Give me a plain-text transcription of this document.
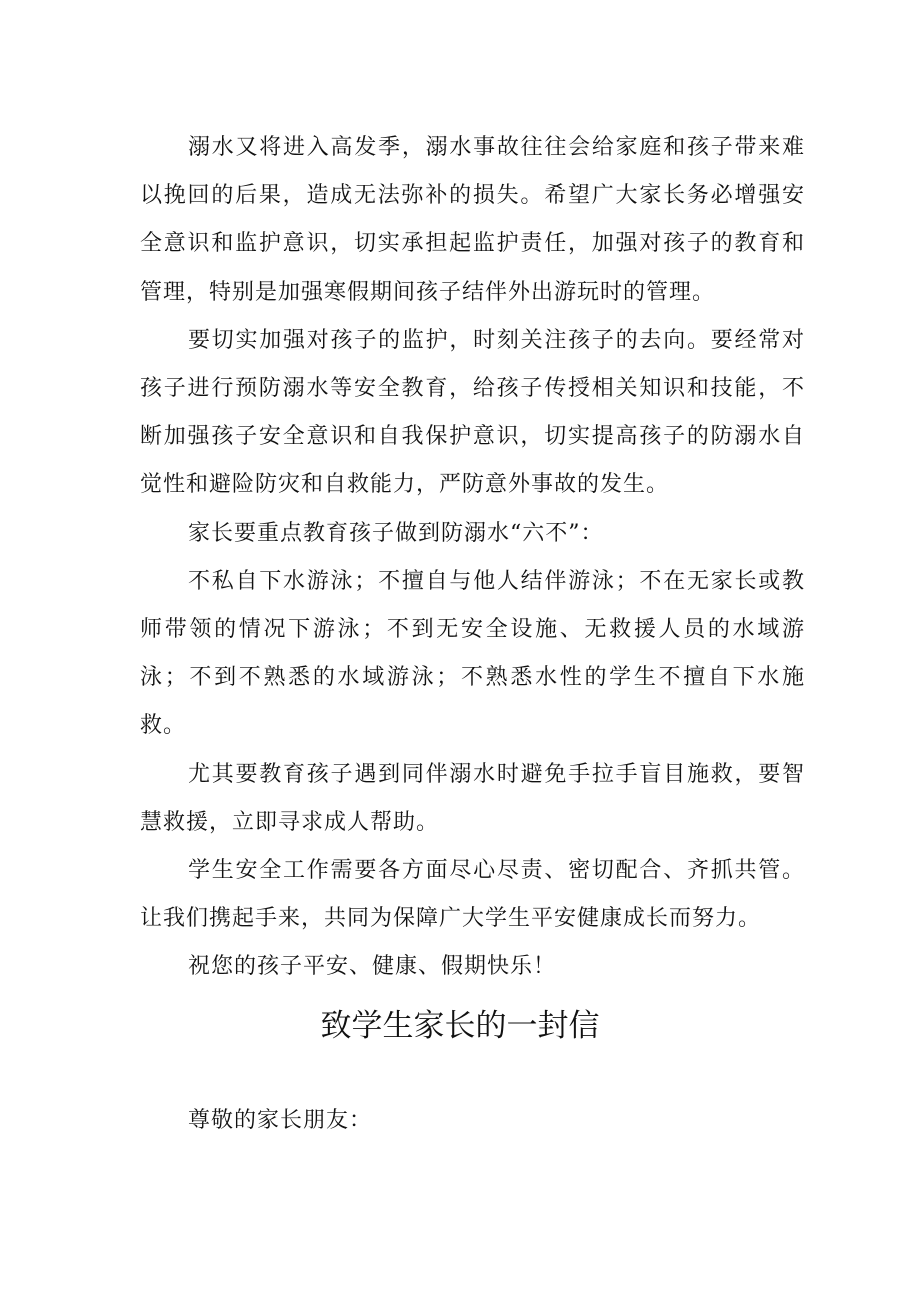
溺水又将进入高发季，溺水事故往往会给家庭和孩子带来难以挽回的后果，造成无法弥补的损失。希望广大家长务必增强安全意识和监护意识，切实承担起监护责任，加强对孩子的教育和管理，特别是加强寒假期间孩子结伴外出游玩时的管理。

要切实加强对孩子的监护，时刻关注孩子的去向。要经常对孩子进行预防溺水等安全教育，给孩子传授相关知识和技能，不断加强孩子安全意识和自我保护意识，切实提高孩子的防溺水自觉性和避险防灾和自救能力，严防意外事故的发生。

家长要重点教育孩子做到防溺水“六不”：

不私自下水游泳；不擅自与他人结伴游泳；不在无家长或教师带领的情况下游泳；不到无安全设施、无救援人员的水域游泳；不到不熟悉的水域游泳；不熟悉水性的学生不擅自下水施救。

尤其要教育孩子遇到同伴溺水时避免手拉手盲目施救，要智慧救援，立即寻求成人帮助。

学生安全工作需要各方面尽心尽责、密切配合、齐抓共管。让我们携起手来，共同为保障广大学生平安健康成长而努力。

祝您的孩子平安、健康、假期快乐！

致学生家长的一封信

尊敬的家长朋友：
